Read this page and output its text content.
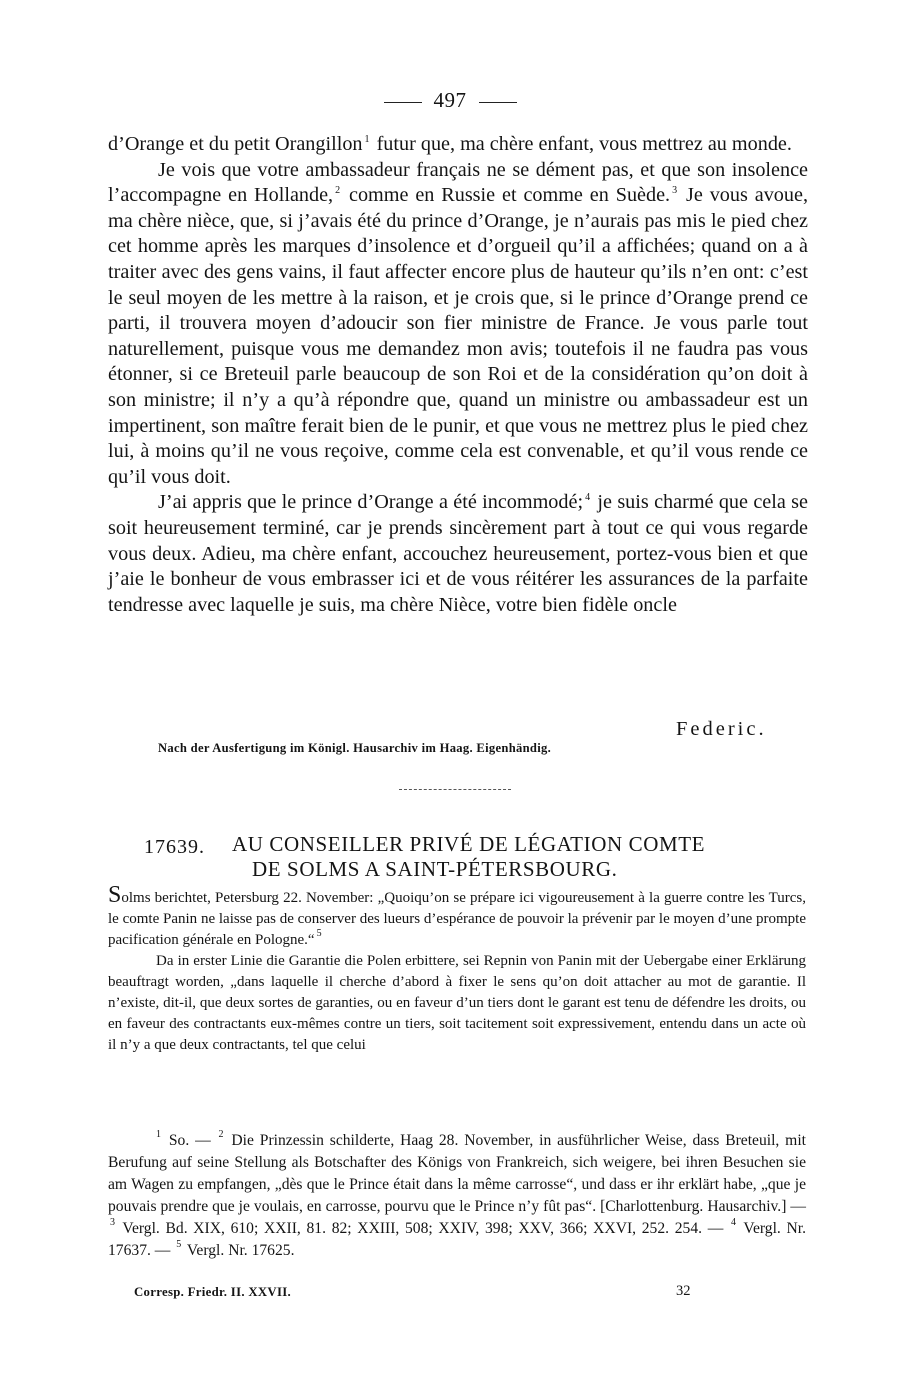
497

d’Orange et du petit Orangillon $^1$ futur que, ma chère enfant, vous mettrez au monde.

Je vois que votre ambassadeur français ne se dément pas, et que son insolence l’accompagne en Hollande, $^2$ comme en Russie et comme en Suède. $^3$ Je vous avoue, ma chère nièce, que, si j’avais été du prince d’Orange, je n’aurais pas mis le pied chez cet homme après les marques d’insolence et d’orgueil qu’il a affichées; quand on a à traiter avec des gens vains, il faut affecter encore plus de hauteur qu’ils n’en ont: c’est le seul moyen de les mettre à la raison, et je crois que, si le prince d’Orange prend ce parti, il trouvera moyen d’adoucir son fier ministre de France. Je vous parle tout naturellement, puisque vous me demandez mon avis; toutefois il ne faudra pas vous étonner, si ce Breteuil parle beaucoup de son Roi et de la considération qu’on doit à son ministre; il n’y a qu’à répondre que, quand un ministre ou ambassadeur est un impertinent, son maître ferait bien de le punir, et que vous ne mettrez plus le pied chez lui, à moins qu’il ne vous reçoive, comme cela est convenable, et qu’il vous rende ce qu’il vous doit.

J’ai appris que le prince d’Orange a été incommodé; $^4$ je suis charmé que cela se soit heureusement terminé, car je prends sincèrement part à tout ce qui vous regarde vous deux. Adieu, ma chère enfant, accouchez heureusement, portez-vous bien et que j’aie le bonheur de vous embrasser ici et de vous réitérer les assurances de la parfaite tendresse avec laquelle je suis, ma chère Nièce, votre bien fidèle oncle

Federic.
Nach der Ausfertigung im Königl. Hausarchiv im Haag. Eigenhändig.
17639. AU CONSEILLER PRIVÉ DE LÉGATION COMTE
DE SOLMS A SAINT-PÉTERSBOURG.

Solms berichtet, Petersburg 22. November: „Quoiqu’on se prépare ici vigoureusement à la guerre contre les Turcs, le comte Panin ne laisse pas de conserver des lueurs d’espérance de pouvoir la prévenir par le moyen d’une prompte pacification générale en Pologne.“ $^5$

Da in erster Linie die Garantie die Polen erbittere, sei Repnin von Panin mit der Uebergabe einer Erklärung beauftragt worden, „dans laquelle il cherche d’abord à fixer le sens qu’on doit attacher au mot de garantie. Il n’existe, dit-il, que deux sortes de garanties, ou en faveur d’un tiers dont le garant est tenu de défendre les droits, ou en faveur des contractants eux-mêmes contre un tiers, soit tacitement soit expressivement, entendu dans un acte où il n’y a que deux contractants, tel que celui

$^1$ So. — $^2$ Die Prinzessin schilderte, Haag 28. November, in ausführlicher Weise, dass Breteuil, mit Berufung auf seine Stellung als Botschafter des Königs von Frankreich, sich weigere, bei ihren Besuchen sie am Wagen zu empfangen, „dès que le Prince était dans la même carrosse“, und dass er ihr erklärt habe, „que je pouvais prendre que je voulais, en carrosse, pourvu que le Prince n’y fût pas“. [Charlottenburg. Hausarchiv.] — $^3$ Vergl. Bd. XIX, 610; XXII, 81. 82; XXIII, 508; XXIV, 398; XXV, 366; XXVI, 252. 254. — $^4$ Vergl. Nr. 17637. — $^5$ Vergl. Nr. 17625.

Corresp. Friedr. II. XXVII.	32
